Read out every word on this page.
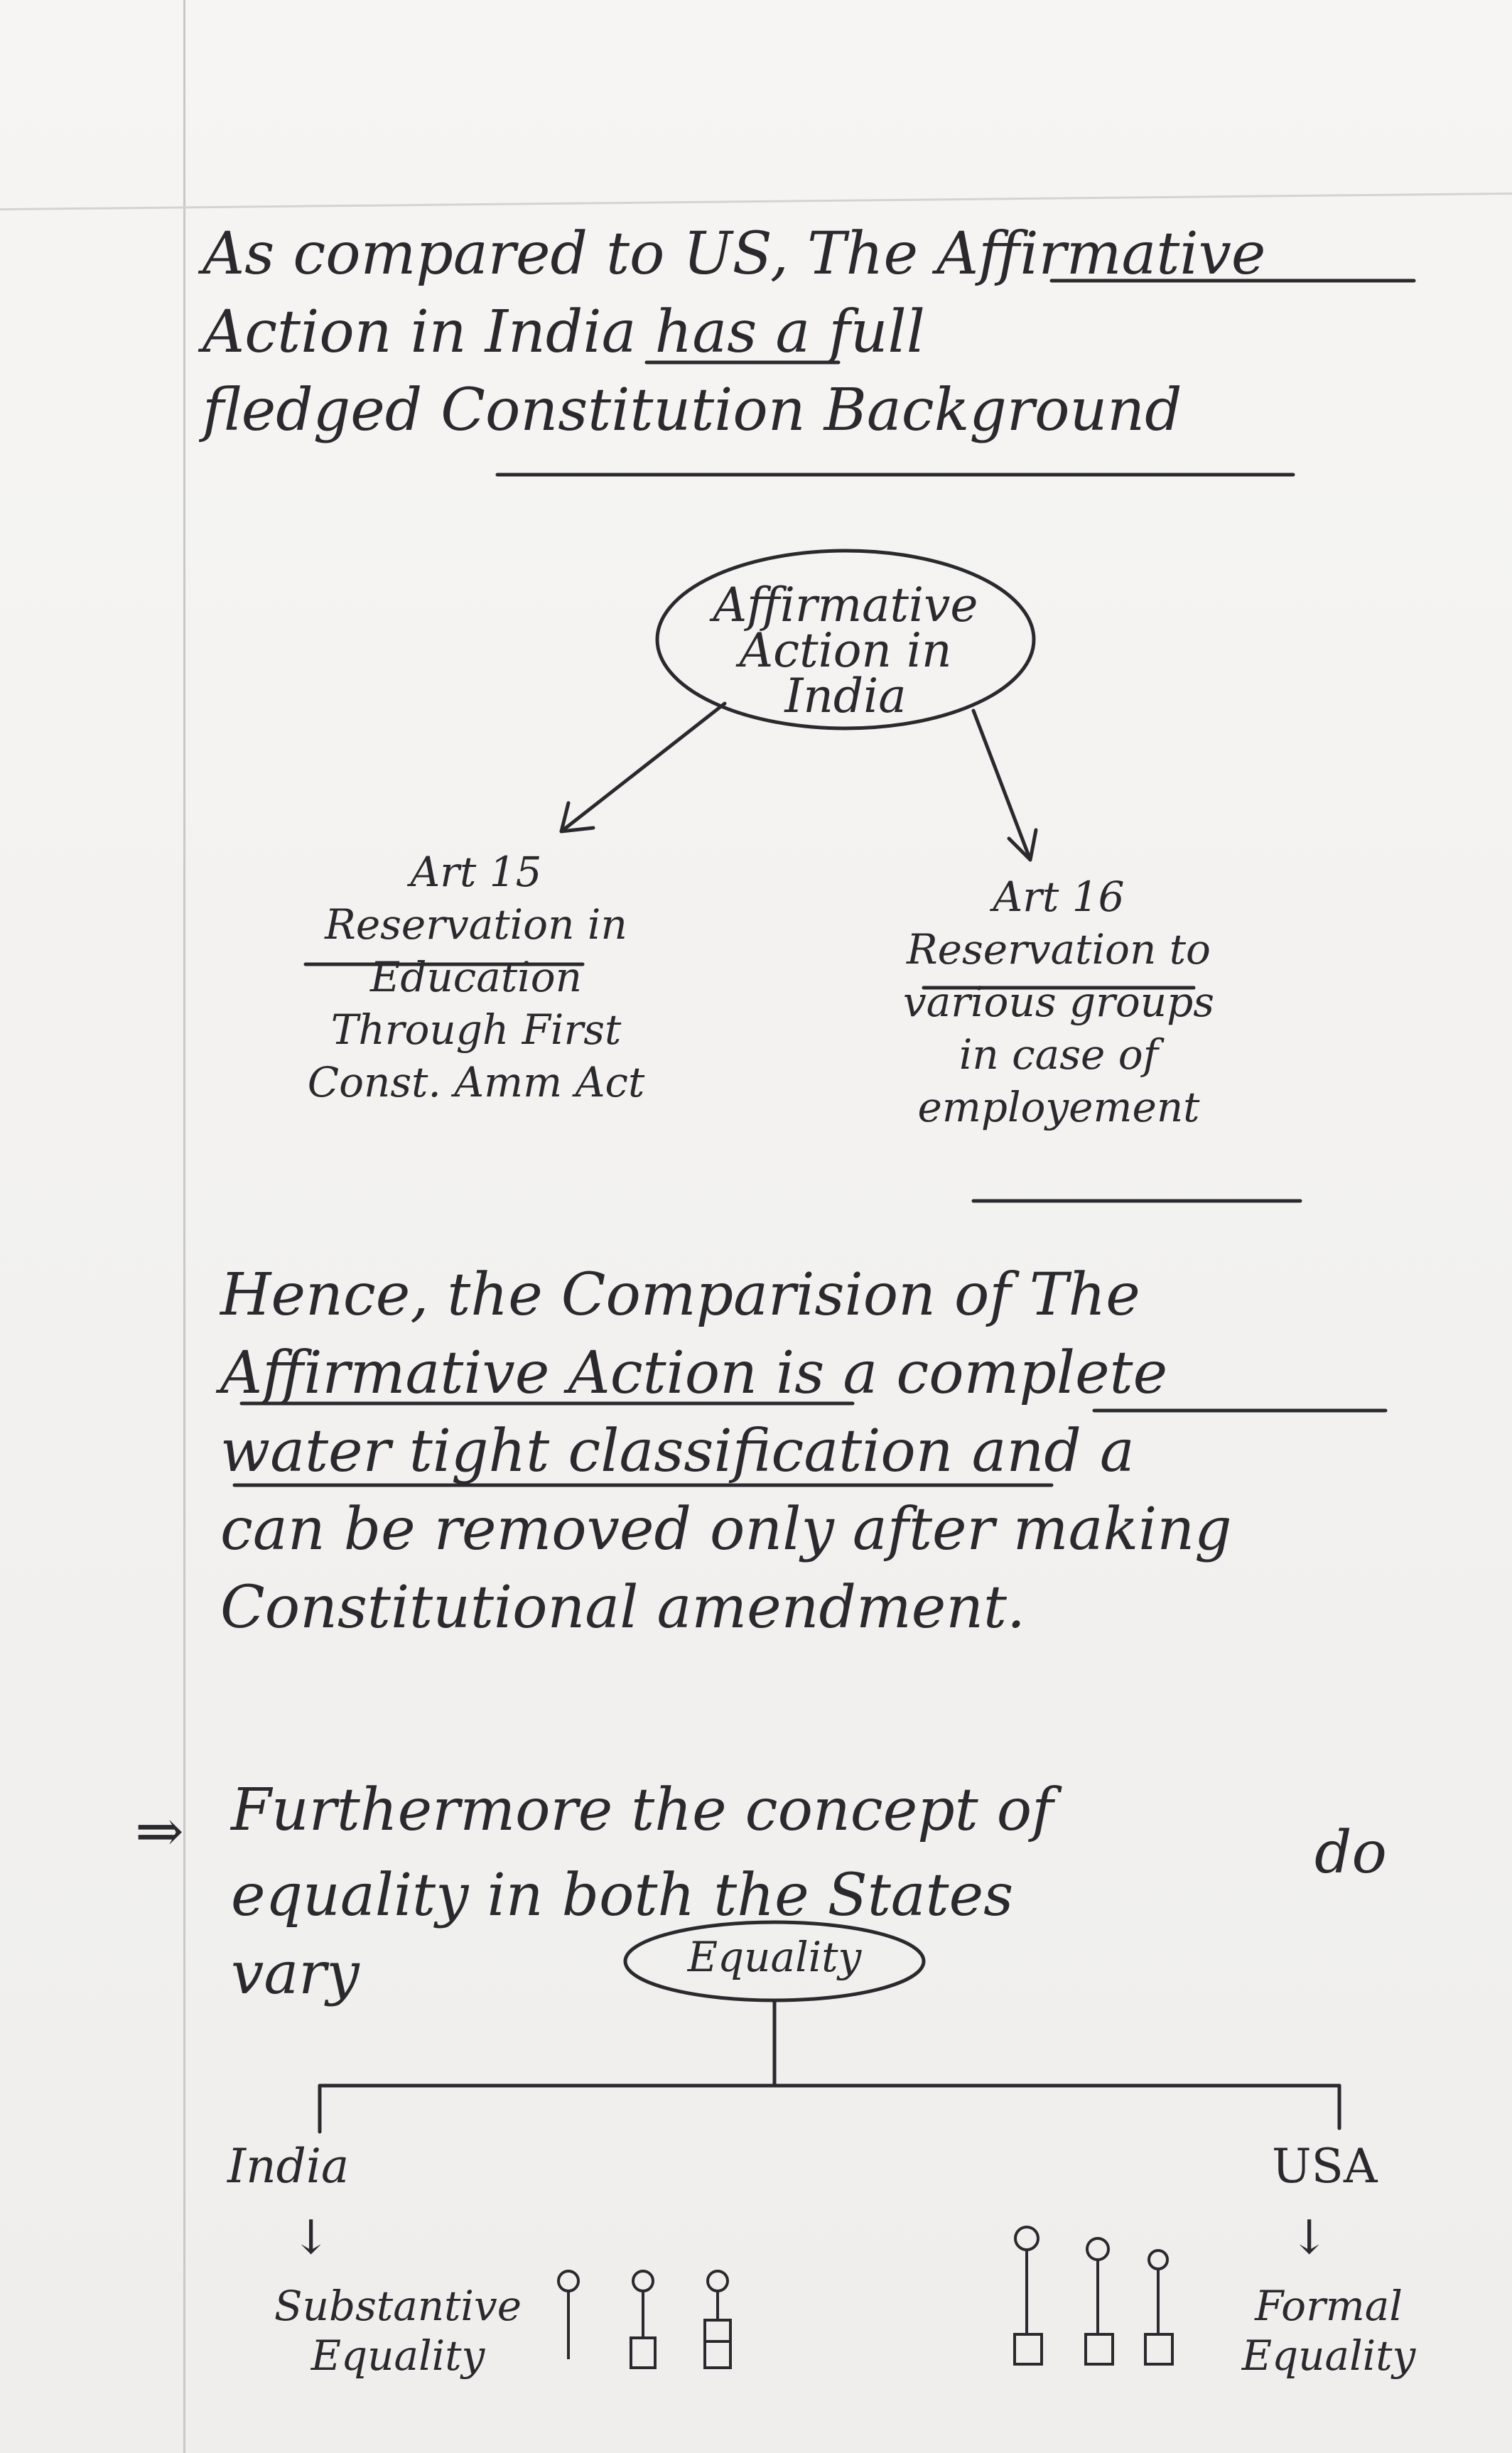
As compared to US, The Affirmative
Action in India has a full
fledged Constitution Background
Affirmative
Action in
India
Art 15
Reservation in
Education
Through First
Const. Amm Act
Art 16
Reservation to
various groups
in case of
employement
Hence, the Comparision of The
Affirmative Action is a complete
water tight classification and a
can be removed only after making
Constitutional amendment.
⇒ Furthermore the concept of
do
equality in both the States
vary	Equality
India
↓
Substantive
Equality
USA
↓
Formal
Equality
